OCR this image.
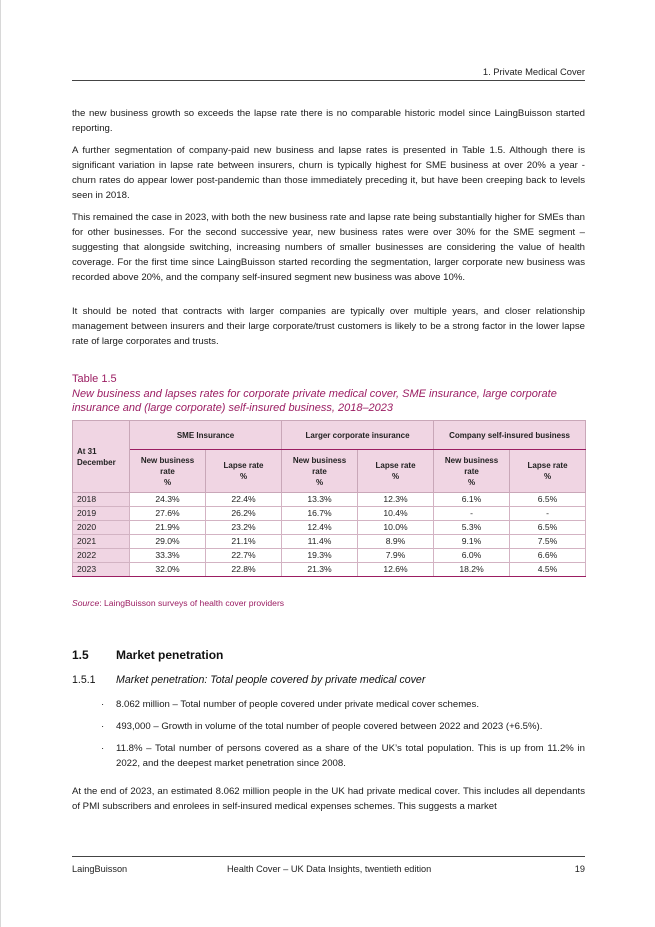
1. Private Medical Cover

the new business growth so exceeds the lapse rate there is no comparable historic model since LaingBuisson started reporting.

A further segmentation of company-paid new business and lapse rates is presented in Table 1.5. Although there is significant variation in lapse rate between insurers, churn is typically highest for SME business at over 20% a year - churn rates do appear lower post-pandemic than those immediately preceding it, but have been creeping back to levels seen in 2018.

This remained the case in 2023, with both the new business rate and lapse rate being substantially higher for SMEs than for other businesses. For the second successive year, new business rates were over 30% for the SME segment – suggesting that alongside switching, increasing numbers of smaller businesses are considering the value of health coverage. For the first time since LaingBuisson started recording the segmentation, larger corporate new business was recorded above 20%, and the company self-insured segment new business was above 10%.

It should be noted that contracts with larger companies are typically over multiple years, and closer relationship management between insurers and their large corporate/trust customers is likely to be a strong factor in the lower lapse rate of large corporates and trusts.

Table 1.5
New business and lapses rates for corporate private medical cover, SME insurance, large corporate insurance and (large corporate) self-insured business, 2018–2023
At 31
December	SME Insurance		Larger corporate insurance		Company self-insured business	
	New business
rate
%	Lapse rate
%	New business
rate
%	Lapse rate
%	New business
rate
%	Lapse rate
%
2018	24.3%	22.4%	13.3%	12.3%	6.1%	6.5%
2019	27.6%	26.2%	16.7%	10.4%	-	-
2020	21.9%	23.2%	12.4%	10.0%	5.3%	6.5%
2021	29.0%	21.1%	11.4%	8.9%	9.1%	7.5%
2022	33.3%	22.7%	19.3%	7.9%	6.0%	6.6%
2023	32.0%	22.8%	21.3%	12.6%	18.2%	4.5%
Source: LaingBuisson surveys of health cover providers
1.5 Market penetration
1.5.1 Market penetration: Total people covered by private medical cover
· 8.062 million – Total number of people covered under private medical cover schemes.
· 493,000 – Growth in volume of the total number of people covered between 2022 and 2023 (+6.5%).
· 11.8% – Total number of persons covered as a share of the UK’s total population. This is up from 11.2% in 2022, and the deepest market penetration since 2008.

At the end of 2023, an estimated 8.062 million people in the UK had private medical cover. This includes all dependants of PMI subscribers and enrolees in self-insured medical expenses schemes. This suggests a market

LaingBuisson	Health Cover – UK Data Insights, twentieth edition	19
